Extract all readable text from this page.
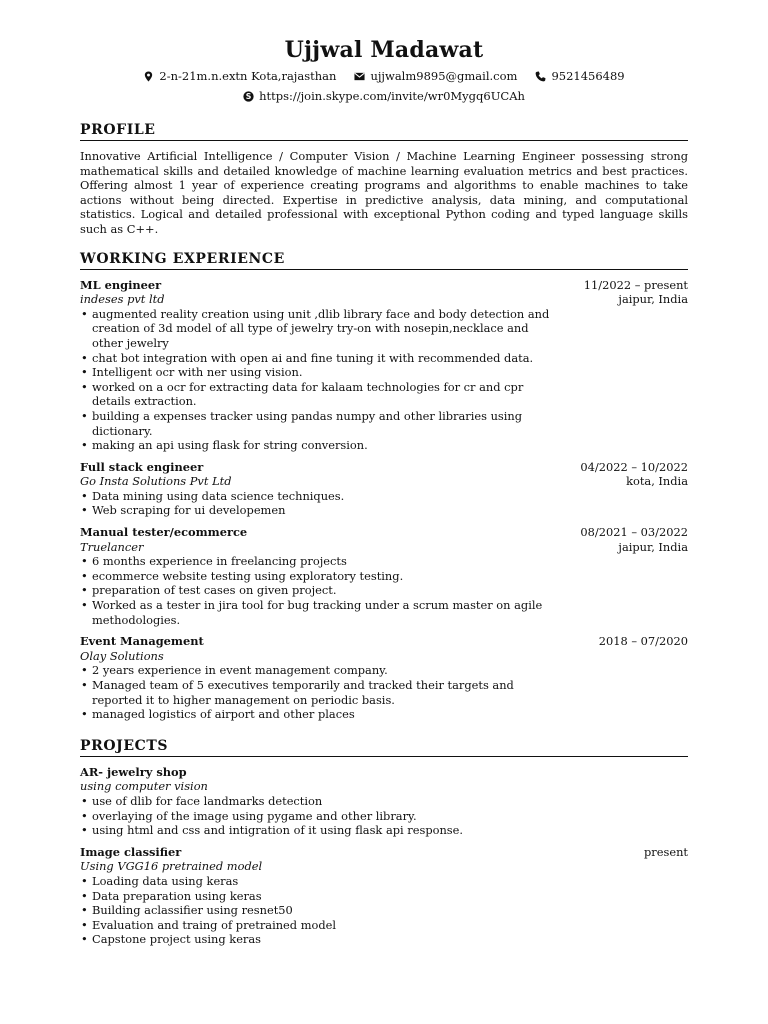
Ujjwal Madawat
2-n-21m.n.extn Kota,rajasthan	ujjwalm9895@gmail.com	9521456489
S https://join.skype.com/invite/wr0Mygq6UCAh
PROFILE
Innovative Artificial Intelligence / Computer Vision / Machine Learning Engineer possessing strong mathematical skills and detailed knowledge of machine learning evaluation metrics and best practices. Offering almost 1 year of experience creating programs and algorithms to enable machines to take actions without being directed. Expertise in predictive analysis, data mining, and computational statistics. Logical and detailed professional with exceptional Python coding and typed language skills such as C++.
WORKING EXPERIENCE
ML engineer	11/2022 – present
indeses pvt ltd	jaipur, India
• augmented reality creation using unit ,dlib library face and body detection and creation of 3d model of all type of jewelry try-on with nosepin,necklace and other jewelry
• chat bot integration with open ai and fine tuning it with recommended data.
• Intelligent ocr with ner using vision.
• worked on a ocr for extracting data for kalaam technologies for cr and cpr details extraction.
• building a expenses tracker using pandas numpy and other libraries using dictionary.
• making an api using flask for string conversion.
Full stack engineer	04/2022 – 10/2022
Go Insta Solutions Pvt Ltd	kota, India
• Data mining using data science techniques.
• Web scraping for ui developemen
Manual tester/ecommerce	08/2021 – 03/2022
Truelancer	jaipur, India
• 6 months experience in freelancing projects
• ecommerce website testing using exploratory testing.
• preparation of test cases on given project.
• Worked as a tester in jira tool for bug tracking under a scrum master on agile methodologies.
Event Management	2018 – 07/2020
Olay Solutions
• 2 years experience in event management company.
• Managed team of 5 executives temporarily and tracked their targets and reported it to higher management on periodic basis.
• managed logistics of airport and other places
PROJECTS
AR- jewelry shop
using computer vision
• use of dlib for face landmarks detection
• overlaying of the image using pygame and other library.
• using html and css and intigration of it using flask api response.
Image classifier	present
Using VGG16 pretrained model
• Loading data using keras
• Data preparation using keras
• Building aclassifier using resnet50
• Evaluation and traing of pretrained model
• Capstone project using keras
